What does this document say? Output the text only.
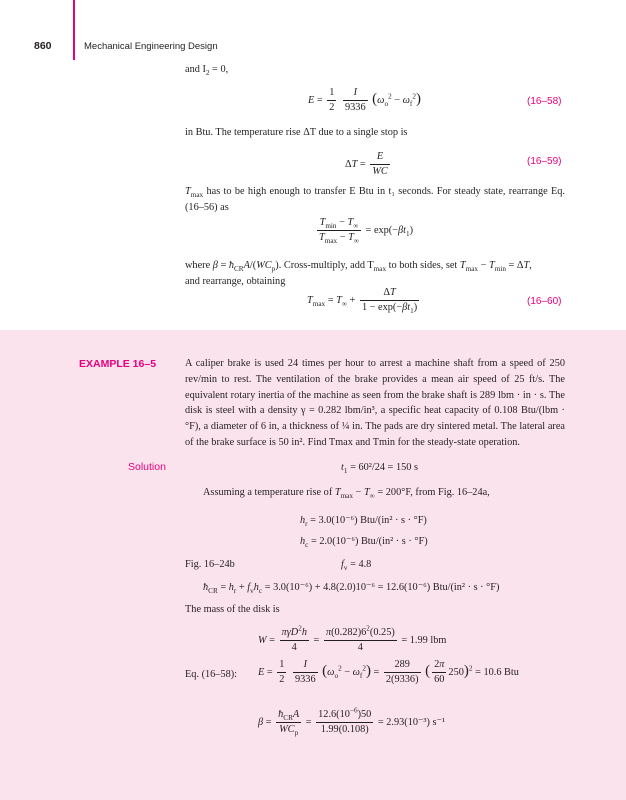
860	Mechanical Engineering Design
and $I_2 = 0$,
$E = \frac{1}{2}$
$\frac{I}{9336} (\omega_o^2 - \omega_f^2)$	(16–58)
in Btu. The temperature rise ΔT due to a single stop is
$\Delta T = \frac{E}{WC}$	(16–59)
$T_{max}$ has to be high enough to transfer E Btu in t₁ seconds. For steady state, rearrange Eq. (16–56) as
$\frac{T_{min} - T_\infty}{T_{max} - T_\infty} = \exp(-\beta t_1)$
where $\beta = ħ_{CR}A/(WC_p)$. Cross-multiply, add $T_{max}$ to both sides, set $T_{max} - T_{min} = \Delta T$,
and rearrange, obtaining
$T_{max} = T_\infty + \frac{\Delta T}{1 - \exp(-\beta t_1)}$	(16–60)
EXAMPLE 16–5	A caliper brake is used 24 times per hour to arrest a machine shaft from a speed of 250 rev/min to rest. The ventilation of the brake provides a mean air speed of 25 ft/s. The equivalent rotary inertia of the machine as seen from the brake shaft is 289 lbm · in · s. The disk is steel with a density γ = 0.282 lbm/in³, a specific heat capacity of 0.108 Btu/(lbm · °F), a diameter of 6 in, a thickness of ¼ in. The pads are dry sintered metal. The lateral area of the brake surface is 50 in². Find Tmax and Tmin for the steady-state operation.
Solution	$t_1 = 60^2/24 = 150$ s
Assuming a temperature rise of $T_{max} - T_\infty = 200^\circ F$, from Fig. 16–24a,
$h_r = 3.0(10^{-6}) Btu/(in^2 \cdot s \cdot ^\circ F)$
$h_c = 2.0(10^{-6}) Btu/(in^2 \cdot s \cdot ^\circ F)$
Fig. 16–24b	$f_v = 4.8$
$ħ_{CR} = h_r + f_vh_c = 3.0(10^{-6}) + 4.8(2.0)10^{-6} = 12.6(10^{-6}) Btu/(in^2 \cdot s \cdot ^\circ F)$
The mass of the disk is
$W = \frac{\pi\gamma D^2h}{4} = \frac{\pi(0.282)6^2(0.25)}{4} = 1.99$ lbm
Eq. (16–58): $E = \frac{1}{2}$
$\frac{I}{9336} (\omega_o^2 - \omega_f^2) = \frac{289}{2(9336)}$ ( $\frac{2\pi}{60} 250)^2 = 10.6$ Btu
$\beta = \frac{ħ_{CR}A}{WC_p} = \frac{12.6(10^{-6})50}{1.99(0.108)} = 2.93(10^{-3})$ s⁻¹
